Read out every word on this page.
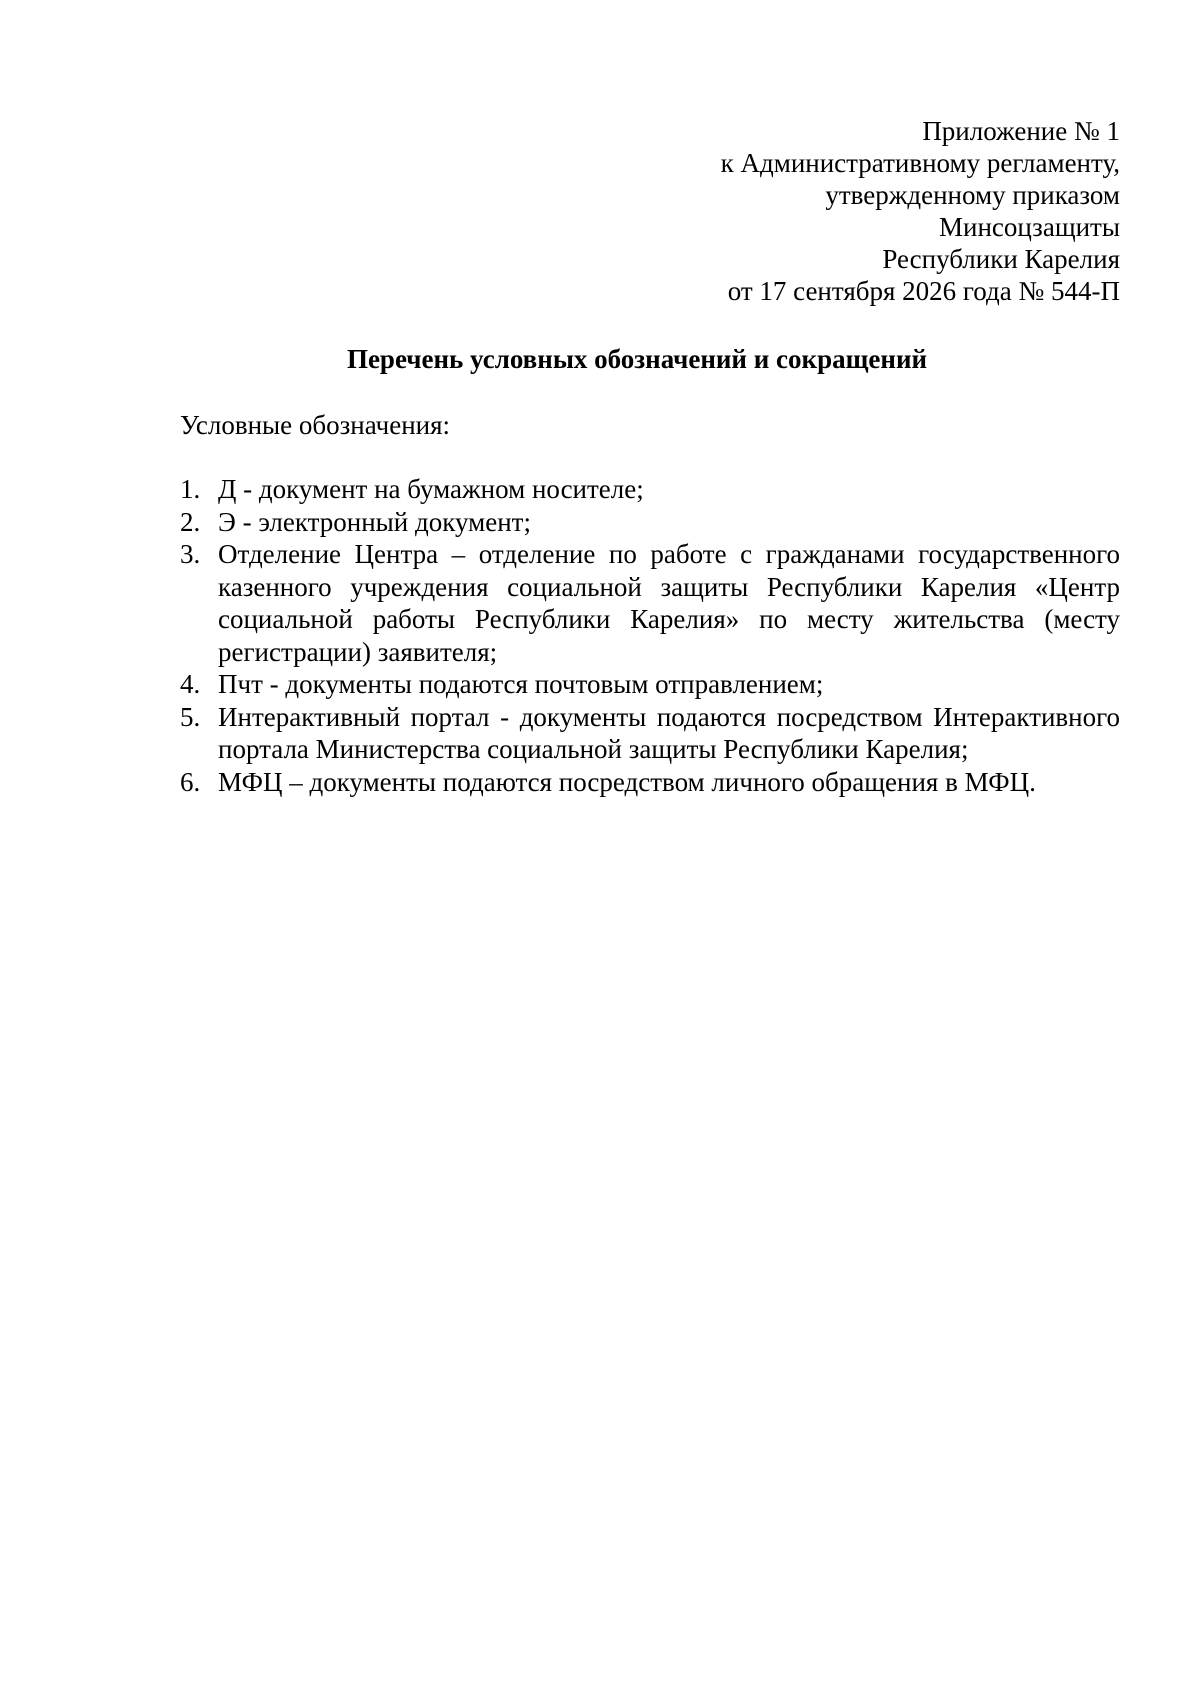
Приложение № 1
к Административному регламенту,
утвержденному приказом
Минсоцзащиты
Республики Карелия
от 17 сентября 2026 года № 544-П
Перечень условных обозначений и сокращений
Условные обозначения:
1. Д - документ на бумажном носителе;
2. Э - электронный документ;
3. Отделение Центра – отделение по работе с гражданами государственного казенного учреждения социальной защиты Республики Карелия «Центр социальной работы Республики Карелия» по месту жительства (месту регистрации) заявителя;
4. Пчт - документы подаются почтовым отправлением;
5. Интерактивный портал - документы подаются посредством Интерактивного портала Министерства социальной защиты Республики Карелия;
6. МФЦ – документы подаются посредством личного обращения в МФЦ.
